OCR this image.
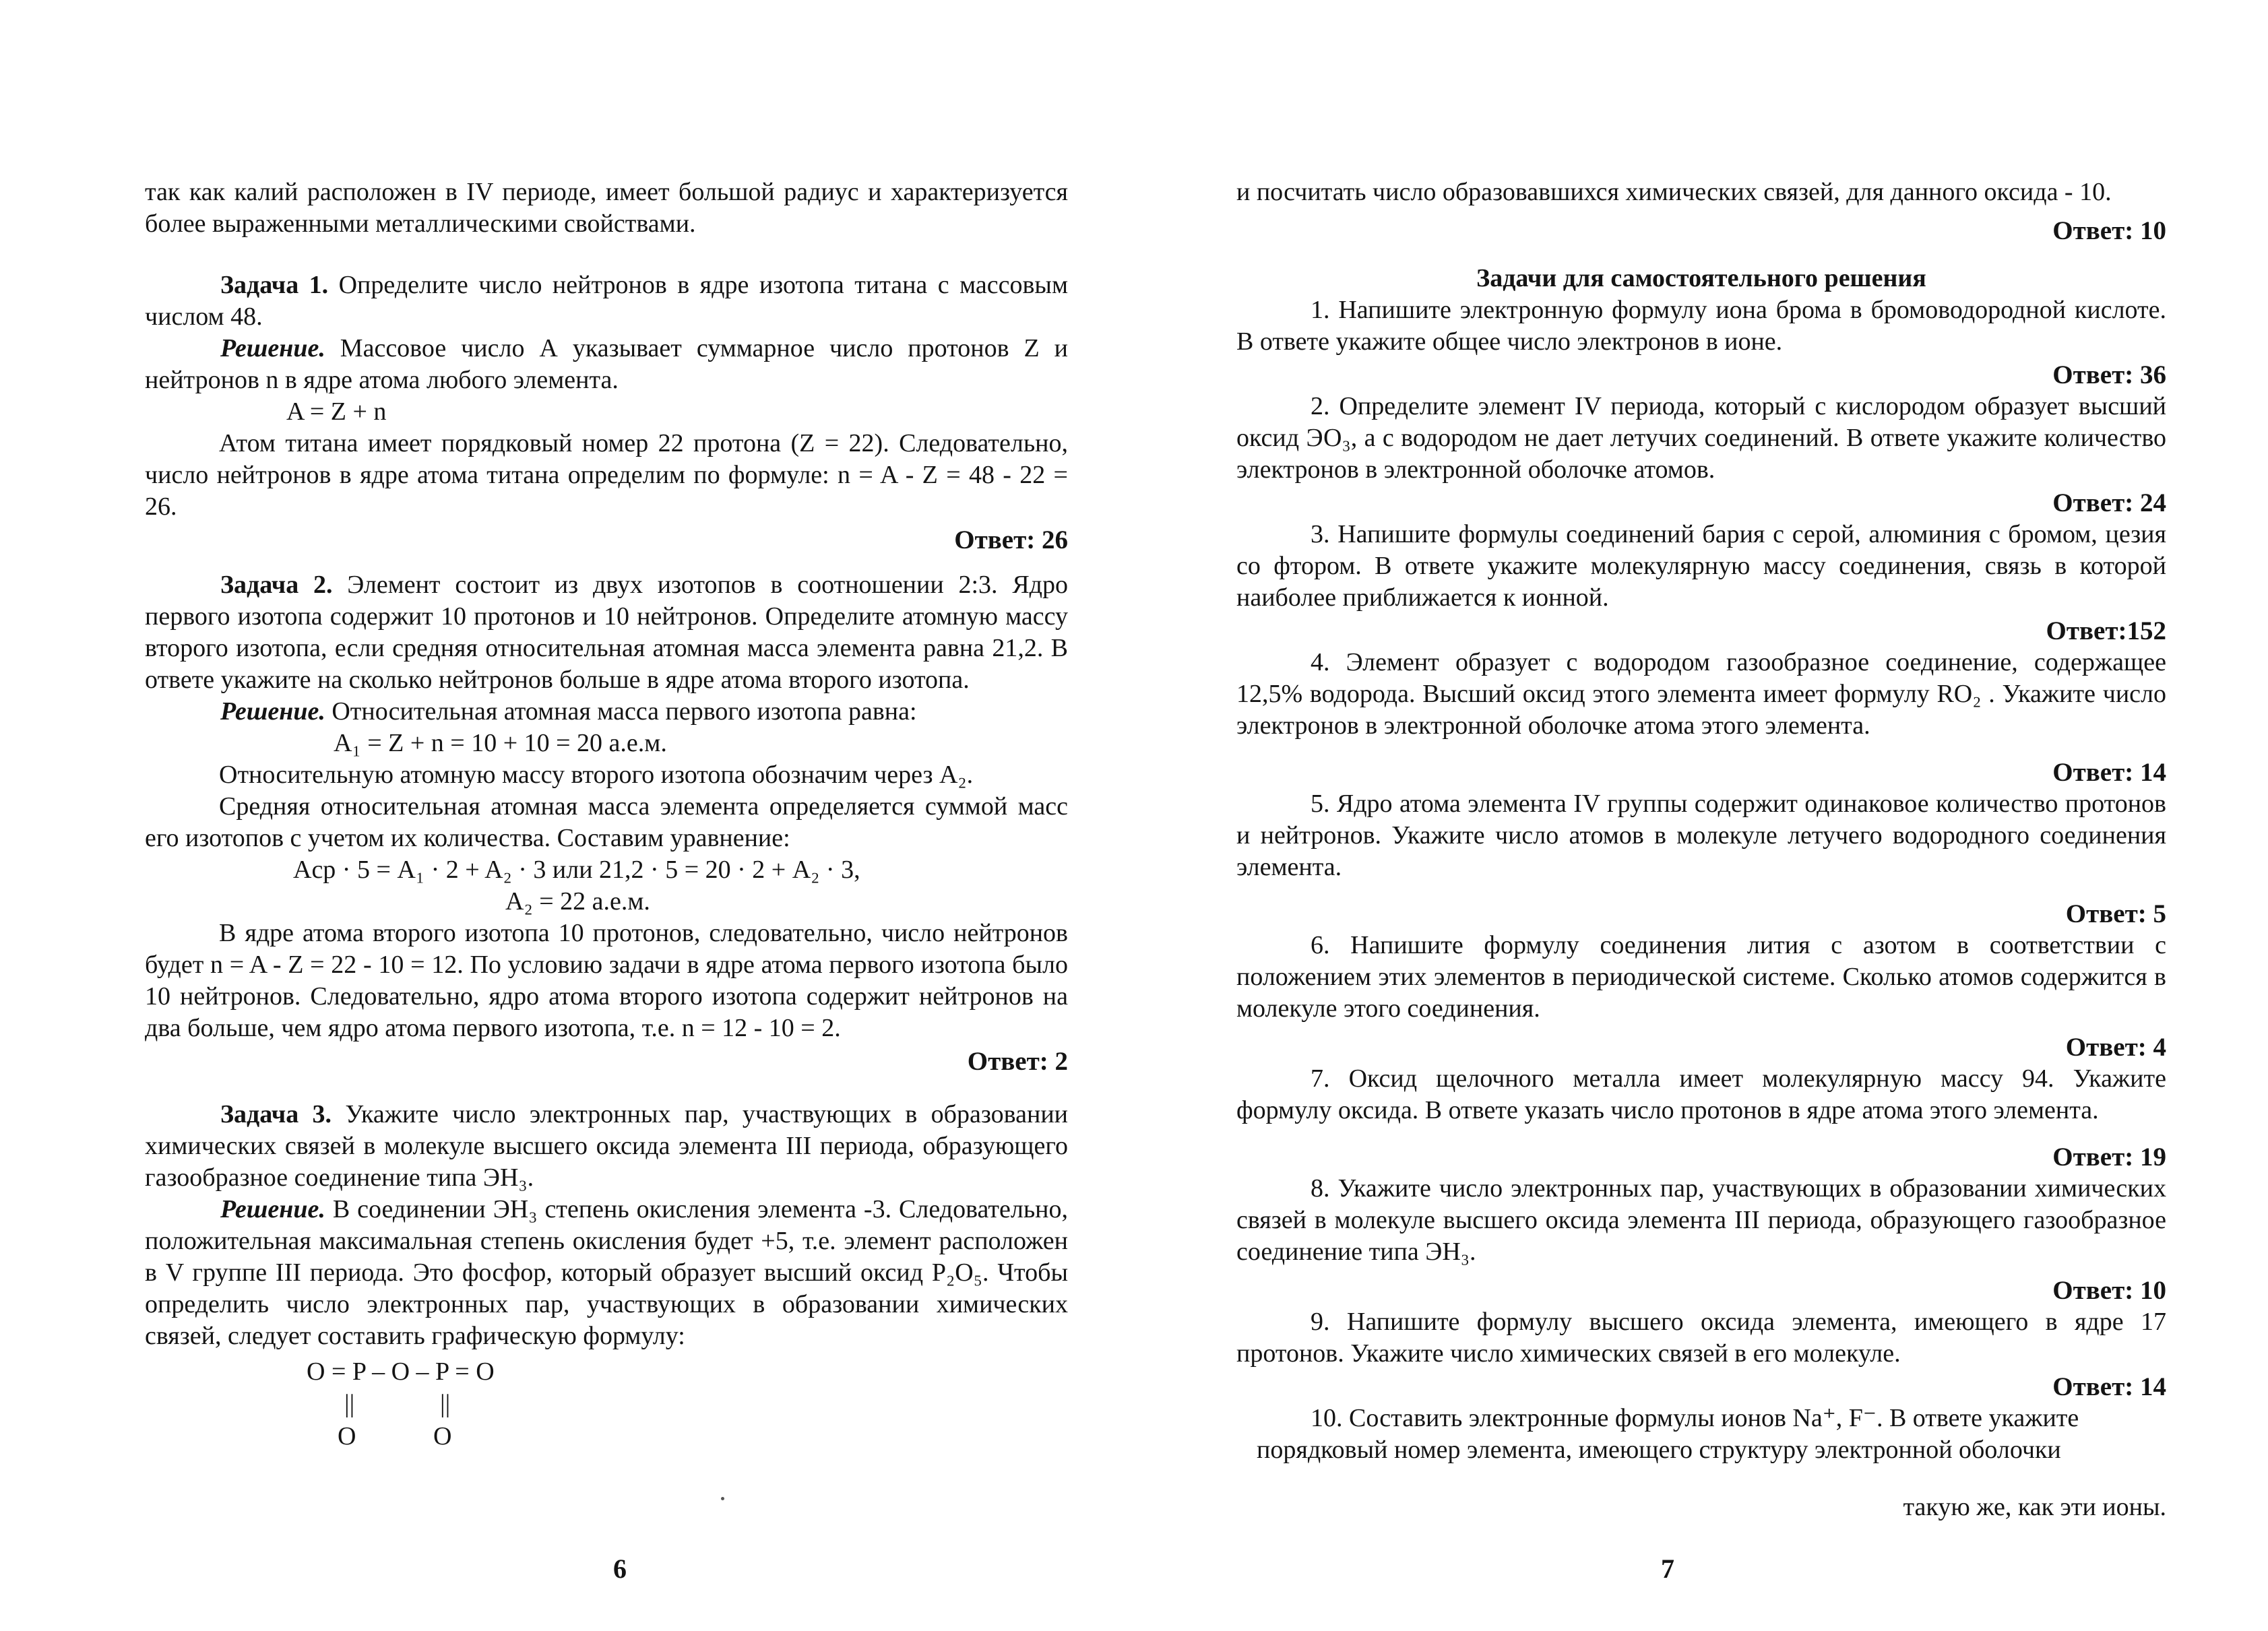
так как калий расположен в IV периоде, имеет большой радиус и характеризуется более выраженными металлическими свойствами.

Задача 1. Определите число нейтронов в ядре изотопа титана с массовым числом 48.

Решение. Массовое число А указывает суммарное число протонов Z и нейтронов n в ядре атома любого элемента.

A = Z + n

Атом титана имеет порядковый номер 22 протона (Z = 22). Следовательно, число нейтронов в ядре атома титана определим по формуле: n = A - Z = 48 - 22 = 26.

Ответ: 26

Задача 2. Элемент состоит из двух изотопов в соотношении 2:3. Ядро первого изотопа содержит 10 протонов и 10 нейтронов. Определите атомную массу второго изотопа, если средняя относительная атомная масса элемента равна 21,2. В ответе укажите на сколько нейтронов больше в ядре атома второго изотопа.

Решение. Относительная атомная масса первого изотопа равна:

A₁ = Z + n = 10 + 10 = 20 а.е.м.

Относительную атомную массу второго изотопа обозначим через A₂.

Средняя относительная атомная масса элемента определяется суммой масс его изотопов с учетом их количества. Составим уравнение:

Aср · 5 = A₁ · 2 + A₂ · 3 или 21,2 · 5 = 20 · 2 + A₂ · 3,

A₂ = 22 а.е.м.

В ядре атома второго изотопа 10 протонов, следовательно, число нейтронов будет n = A - Z = 22 - 10 = 12. По условию задачи в ядре атома первого изотопа было 10 нейтронов. Следовательно, ядро атома второго изотопа содержит нейтронов на два больше, чем ядро атома первого изотопа, т.е. n = 12 - 10 = 2.

Ответ: 2

Задача 3. Укажите число электронных пар, участвующих в образовании химических связей в молекуле высшего оксида элемента III периода, образующего газообразное соединение типа ЭН₃.

Решение. В соединении ЭН₃ степень окисления элемента -3. Следовательно, положительная максимальная степень окисления будет +5, т.е. элемент расположен в V группе III периода. Это фосфор, который образует высший оксид P₂O₅. Чтобы определить число электронных пар, участвующих в образовании химических связей, следует составить графическую формулу:

O = P – O – P = O
||	||
O	O
6

и посчитать число образовавшихся химических связей, для данного оксида - 10.

Ответ: 10

Задачи для самостоятельного решения

1. Напишите электронную формулу иона брома в бромоводородной кислоте. В ответе укажите общее число электронов в ионе.

Ответ: 36

2. Определите элемент IV периода, который с кислородом образует высший оксид ЭО₃, а с водородом не дает летучих соединений. В ответе укажите количество электронов в электронной оболочке атомов.

Ответ: 24

3. Напишите формулы соединений бария с серой, алюминия с бромом, цезия со фтором. В ответе укажите молекулярную массу соединения, связь в которой наиболее приближается к ионной.

Ответ:152

4. Элемент образует с водородом газообразное соединение, содержащее 12,5% водорода. Высший оксид этого элемента имеет формулу RO₂ . Укажите число электронов в электронной оболочке атома этого элемента.

Ответ: 14

5. Ядро атома элемента IV группы содержит одинаковое количество протонов и нейтронов. Укажите число атомов в молекуле летучего водородного соединения элемента.

Ответ: 5

6. Напишите формулу соединения лития с азотом в соответствии с положением этих элементов в периодической системе. Сколько атомов содержится в молекуле этого соединения.

Ответ: 4

7. Оксид щелочного металла имеет молекулярную массу 94. Укажите формулу оксида. В ответе указать число протонов в ядре атома этого элемента.

Ответ: 19

8. Укажите число электронных пар, участвующих в образовании химических связей в молекуле высшего оксида элемента III периода, образующего газообразное соединение типа ЭН₃.

Ответ: 10

9. Напишите формулу высшего оксида элемента, имеющего в ядре 17 протонов. Укажите число химических связей в его молекуле.

Ответ: 14

10. Составить электронные формулы ионов Na⁺, F⁻. В ответе укажите

порядковый номер элемента, имеющего структуру электронной оболочки

такую же, как эти ионы.

7
